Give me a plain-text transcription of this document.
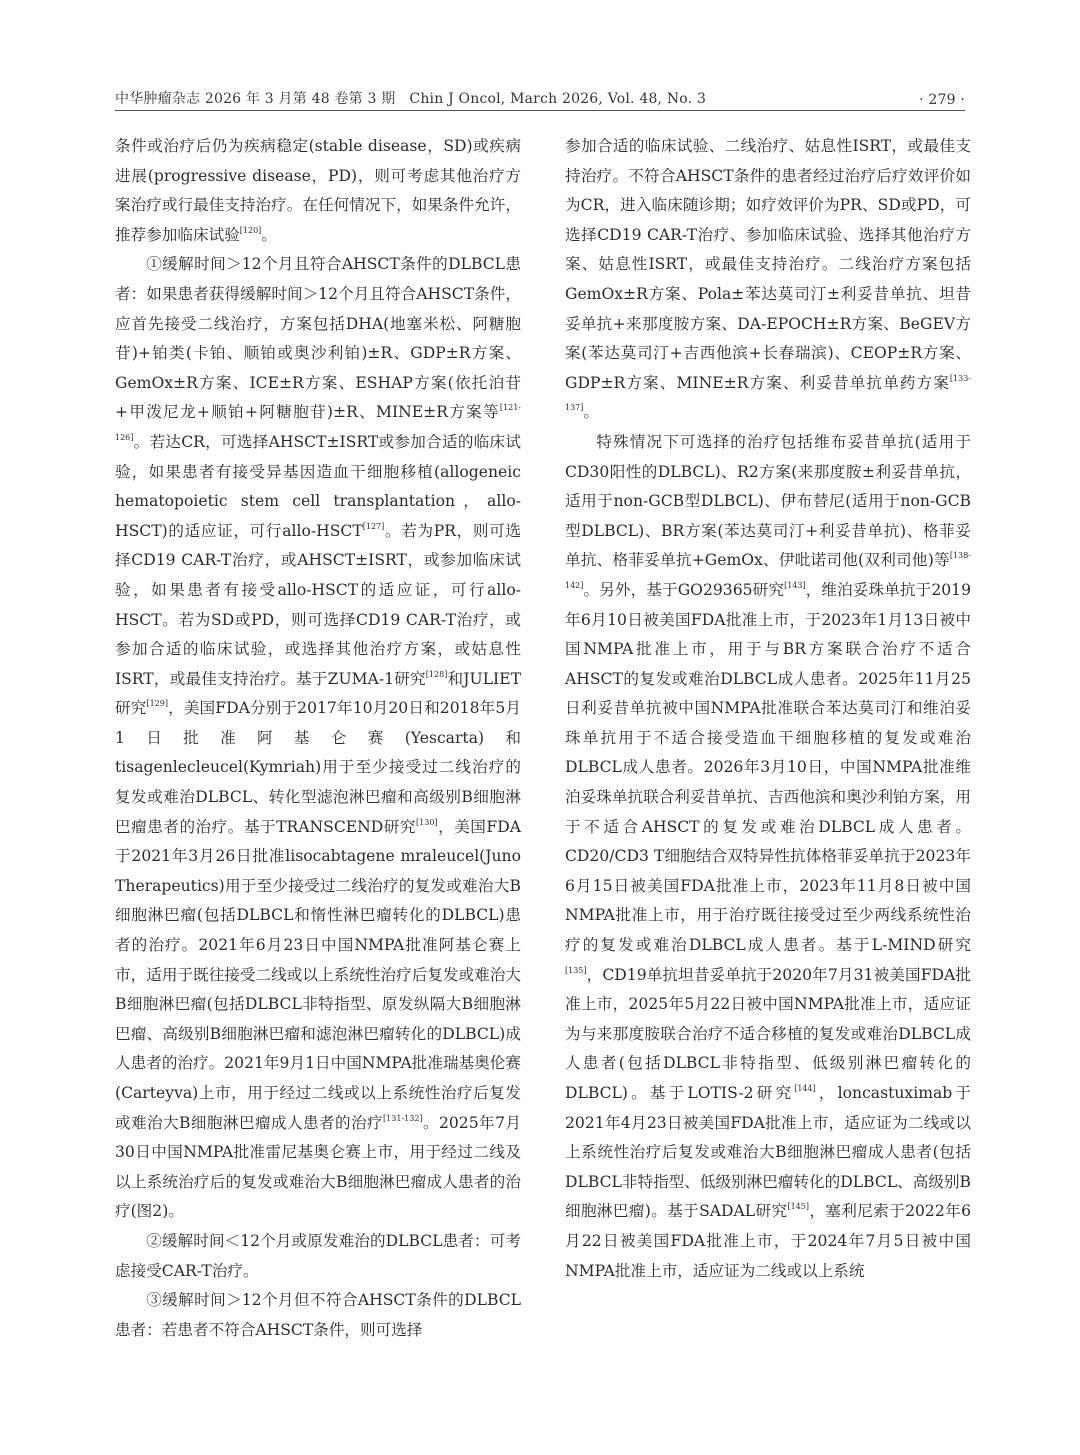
中华肿瘤杂志 2026 年 3 月第 48 卷第 3 期 Chin J Oncol, March 2026, Vol. 48, No. 3	· 279 ·

条件或治疗后仍为疾病稳定(stable disease，SD)或疾病进展(progressive disease，PD)，则可考虑其他治疗方案治疗或行最佳支持治疗。在任何情况下，如果条件允许，推荐参加临床试验[120]。

①缓解时间＞12个月且符合AHSCT条件的DLBCL患者：如果患者获得缓解时间＞12个月且符合AHSCT条件，应首先接受二线治疗，方案包括DHA(地塞米松、阿糖胞苷)+铂类(卡铂、顺铂或奥沙利铂)±R、GDP±R方案、GemOx±R方案、ICE±R方案、ESHAP方案(依托泊苷+甲泼尼龙+顺铂+阿糖胞苷)±R、MINE±R方案等[121-126]。若达CR，可选择AHSCT±ISRT或参加合适的临床试验，如果患者有接受异基因造血干细胞移植(allogeneic hematopoietic stem cell transplantation，allo-HSCT)的适应证，可行allo-HSCT[127]。若为PR，则可选择CD19 CAR-T治疗，或AHSCT±ISRT，或参加临床试验，如果患者有接受allo-HSCT的适应证，可行allo-HSCT。若为SD或PD，则可选择CD19 CAR-T治疗，或参加合适的临床试验，或选择其他治疗方案，或姑息性ISRT，或最佳支持治疗。基于ZUMA-1研究[128]和JULIET研究[129]，美国FDA分别于2017年10月20日和2018年5月1日批准阿基仑赛(Yescarta)和tisagenlecleucel(Kymriah)用于至少接受过二线治疗的复发或难治DLBCL、转化型滤泡淋巴瘤和高级别B细胞淋巴瘤患者的治疗。基于TRANSCEND研究[130]，美国FDA于2021年3月26日批准lisocabtagene mraleucel(Juno Therapeutics)用于至少接受过二线治疗的复发或难治大B细胞淋巴瘤(包括DLBCL和惰性淋巴瘤转化的DLBCL)患者的治疗。2021年6月23日中国NMPA批准阿基仑赛上市，适用于既往接受二线或以上系统性治疗后复发或难治大B细胞淋巴瘤(包括DLBCL非特指型、原发纵隔大B细胞淋巴瘤、高级别B细胞淋巴瘤和滤泡淋巴瘤转化的DLBCL)成人患者的治疗。2021年9月1日中国NMPA批准瑞基奥伦赛(Carteyva)上市，用于经过二线或以上系统性治疗后复发或难治大B细胞淋巴瘤成人患者的治疗[131-132]。2025年7月30日中国NMPA批准雷尼基奥仑赛上市，用于经过二线及以上系统治疗后的复发或难治大B细胞淋巴瘤成人患者的治疗(图2)。

②缓解时间＜12个月或原发难治的DLBCL患者：可考虑接受CAR-T治疗。

③缓解时间＞12个月但不符合AHSCT条件的DLBCL患者：若患者不符合AHSCT条件，则可选择

参加合适的临床试验、二线治疗、姑息性ISRT，或最佳支持治疗。不符合AHSCT条件的患者经过治疗后疗效评价如为CR，进入临床随诊期；如疗效评价为PR、SD或PD，可选择CD19 CAR-T治疗、参加临床试验、选择其他治疗方案、姑息性ISRT，或最佳支持治疗。二线治疗方案包括GemOx±R方案、Pola±苯达莫司汀±利妥昔单抗、坦昔妥单抗+来那度胺方案、DA-EPOCH±R方案、BeGEV方案(苯达莫司汀+吉西他滨+长春瑞滨)、CEOP±R方案、GDP±R方案、MINE±R方案、利妥昔单抗单药方案[133-137]。

特殊情况下可选择的治疗包括维布妥昔单抗(适用于CD30阳性的DLBCL)、R2方案(来那度胺±利妥昔单抗，适用于non-GCB型DLBCL)、伊布替尼(适用于non-GCB型DLBCL)、BR方案(苯达莫司汀+利妥昔单抗)、格菲妥单抗、格菲妥单抗+GemOx、伊吡诺司他(双利司他)等[138-142]。另外，基于GO29365研究[143]，维泊妥珠单抗于2019年6月10日被美国FDA批准上市，于2023年1月13日被中国NMPA批准上市，用于与BR方案联合治疗不适合AHSCT的复发或难治DLBCL成人患者。2025年11月25日利妥昔单抗被中国NMPA批准联合苯达莫司汀和维泊妥珠单抗用于不适合接受造血干细胞移植的复发或难治DLBCL成人患者。2026年3月10日，中国NMPA批准维泊妥珠单抗联合利妥昔单抗、吉西他滨和奥沙利铂方案，用于不适合AHSCT的复发或难治DLBCL成人患者。CD20/CD3 T细胞结合双特异性抗体格菲妥单抗于2023年6月15日被美国FDA批准上市，2023年11月8日被中国NMPA批准上市，用于治疗既往接受过至少两线系统性治疗的复发或难治DLBCL成人患者。基于L-MIND研究[135]，CD19单抗坦昔妥单抗于2020年7月31被美国FDA批准上市，2025年5月22日被中国NMPA批准上市，适应证为与来那度胺联合治疗不适合移植的复发或难治DLBCL成人患者(包括DLBCL非特指型、低级别淋巴瘤转化的DLBCL)。基于LOTIS-2研究[144]，loncastuximab于2021年4月23日被美国FDA批准上市，适应证为二线或以上系统性治疗后复发或难治大B细胞淋巴瘤成人患者(包括DLBCL非特指型、低级别淋巴瘤转化的DLBCL、高级别B细胞淋巴瘤)。基于SADAL研究[145]，塞利尼索于2022年6月22日被美国FDA批准上市，于2024年7月5日被中国NMPA批准上市，适应证为二线或以上系统
